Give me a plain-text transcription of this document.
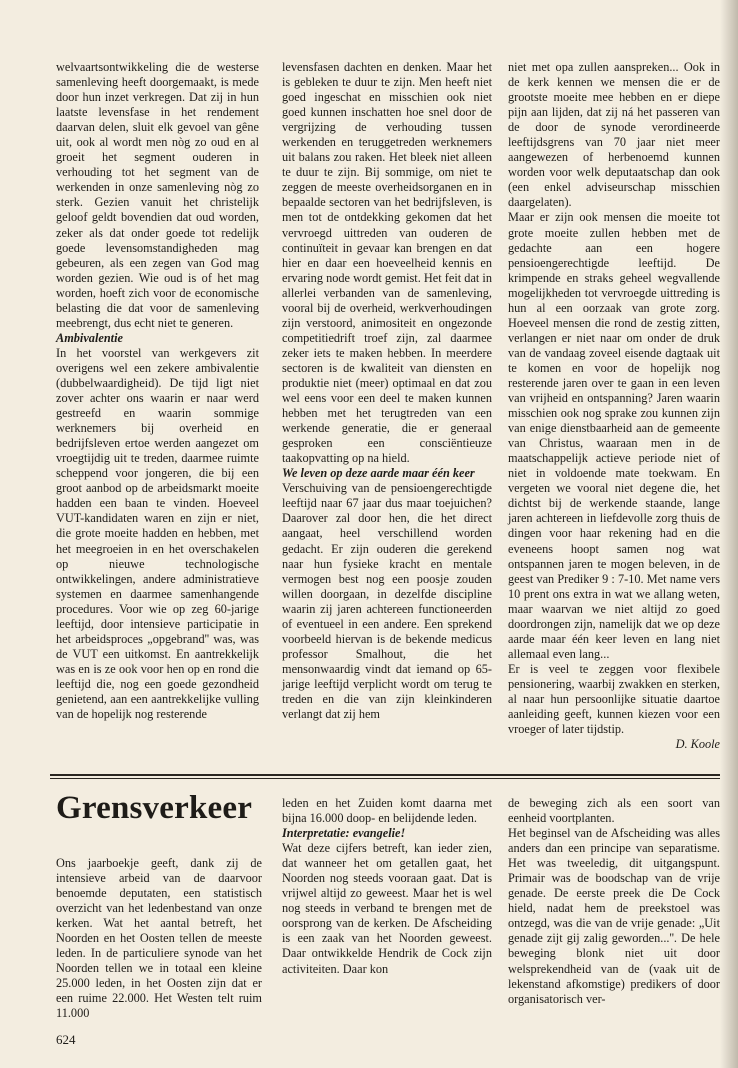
welvaartsontwikkeling die de westerse samenleving heeft doorgemaakt, is mede door hun inzet verkregen. Dat zij in hun laatste levensfase in het rendement daarvan delen, sluit elk gevoel van gêne uit, ook al wordt men nòg zo oud en al groeit het segment ouderen in verhouding tot het segment van de werkenden in onze samenleving nòg zo sterk. Gezien vanuit het christelijk geloof geldt bovendien dat oud worden, zeker als dat onder goede tot redelijk goede levensomstandigheden mag gebeuren, als een zegen van God mag worden gezien. Wie oud is of het mag worden, hoeft zich voor de economische belasting die dat voor de samenleving meebrengt, dus echt niet te generen.

Ambivalentie

In het voorstel van werkgevers zit overigens wel een zekere ambivalentie (dubbelwaardigheid). De tijd ligt niet zover achter ons waarin er naar werd gestreefd en waarin sommige werknemers bij overheid en bedrijfsleven ertoe werden aangezet om vroegtijdig uit te treden, daarmee ruimte scheppend voor jongeren, die bij een groot aanbod op de arbeidsmarkt moeite hadden een baan te vinden. Hoeveel VUT-kandidaten waren en zijn er niet, die grote moeite hadden en hebben, met het meegroeien in en het overschakelen op nieuwe technologische ontwikkelingen, andere administratieve systemen en daarmee samenhangende procedures. Voor wie op zeg 60-jarige leeftijd, door intensieve participatie in het arbeidsproces „opgebrand'' was, was de VUT een uitkomst. En aantrekkelijk was en is ze ook voor hen op en rond die leeftijd die, nog een goede gezondheid genietend, aan een aantrekkelijke vulling van de hopelijk nog resterende

levensfasen dachten en denken. Maar het is gebleken te duur te zijn. Men heeft niet goed ingeschat en misschien ook niet goed kunnen inschatten hoe snel door de vergrijzing de verhouding tussen werkenden en teruggetreden werknemers uit balans zou raken. Het bleek niet alleen te duur te zijn. Bij sommige, om niet te zeggen de meeste overheidsorganen en in bepaalde sectoren van het bedrijfsleven, is men tot de ontdekking gekomen dat het vervroegd uittreden van ouderen de continuïteit in gevaar kan brengen en dat hier en daar een hoeveelheid kennis en ervaring node wordt gemist. Het feit dat in allerlei verbanden van de samenleving, vooral bij de overheid, werkverhoudingen zijn verstoord, animositeit en ongezonde competitiedrift troef zijn, zal daarmee zeker iets te maken hebben. In meerdere sectoren is de kwaliteit van diensten en produktie niet (meer) optimaal en dat zou wel eens voor een deel te maken kunnen hebben met het terugtreden van een werkende generatie, die er generaal gesproken een consciëntieuze taakopvatting op na hield.

We leven op deze aarde maar één keer

Verschuiving van de pensioengerechtigde leeftijd naar 67 jaar dus maar toejuichen? Daarover zal door hen, die het direct aangaat, heel verschillend worden gedacht. Er zijn ouderen die gerekend naar hun fysieke kracht en mentale vermogen best nog een poosje zouden willen doorgaan, in dezelfde discipline waarin zij jaren achtereen functioneerden of eventueel in een andere. Een sprekend voorbeeld hiervan is de bekende medicus professor Smalhout, die het mensonwaardig vindt dat iemand op 65-jarige leeftijd verplicht wordt om terug te treden en die van zijn kleinkinderen verlangt dat zij hem

niet met opa zullen aanspreken... Ook in de kerk kennen we mensen die er de grootste moeite mee hebben en er diepe pijn aan lijden, dat zij ná het passeren van de door de synode verordineerde leeftijdsgrens van 70 jaar niet meer aangewezen of herbenoemd kunnen worden voor welk deputaatschap dan ook (een enkel adviseurschap misschien daargelaten).

Maar er zijn ook mensen die moeite tot grote moeite zullen hebben met de gedachte aan een hogere pensioengerechtigde leeftijd. De krimpende en straks geheel wegvallende mogelijkheden tot vervroegde uittreding is hun al een oorzaak van grote zorg. Hoeveel mensen die rond de zestig zitten, verlangen er niet naar om onder de druk van de vandaag zoveel eisende dagtaak uit te komen en voor de hopelijk nog resterende jaren over te gaan in een leven van vrijheid en ontspanning? Jaren waarin misschien ook nog sprake zou kunnen zijn van enige dienstbaarheid aan de gemeente van Christus, waaraan men in de maatschappelijk actieve periode niet of niet in voldoende mate toekwam. En vergeten we vooral niet degene die, het dichtst bij de werkende staande, lange jaren achtereen in liefdevolle zorg thuis de dingen voor haar rekening had en die eveneens hoopt samen nog wat ontspannen jaren te mogen beleven, in de geest van Prediker 9 : 7-10. Met name vers 10 prent ons extra in wat we allang weten, maar waarvan we niet altijd zo goed doordrongen zijn, namelijk dat we op deze aarde maar één keer leven en lang niet allemaal even lang...

Er is veel te zeggen voor flexibele pensionering, waarbij zwakken en sterken, al naar hun persoonlijke situatie daartoe aanleiding geeft, kunnen kiezen voor een vroeger of later tijdstip.

D. Koole

Grensverkeer

Ons jaarboekje geeft, dank zij de intensieve arbeid van de daarvoor benoemde deputaten, een statistisch overzicht van het ledenbestand van onze kerken. Wat het aantal betreft, het Noorden en het Oosten tellen de meeste leden. In de particuliere synode van het Noorden tellen we in totaal een kleine 25.000 leden, in het Oosten zijn dat er een ruime 22.000. Het Westen telt ruim 11.000

leden en het Zuiden komt daarna met bijna 16.000 doop- en belijdende leden.

Interpretatie: evangelie!

Wat deze cijfers betreft, kan ieder zien, dat wanneer het om getallen gaat, het Noorden nog steeds vooraan gaat. Dat is vrijwel altijd zo geweest. Maar het is wel nog steeds in verband te brengen met de oorsprong van de kerken. De Afscheiding is een zaak van het Noorden geweest. Daar ontwikkelde Hendrik de Cock zijn activiteiten. Daar kon

de beweging zich als een soort van eenheid voortplanten.

Het beginsel van de Afscheiding was alles anders dan een principe van separatisme. Het was tweeledig, dit uitgangspunt. Primair was de boodschap van de vrije genade. De eerste preek die De Cock hield, nadat hem de preekstoel was ontzegd, was die van de vrije genade: „Uit genade zijt gij zalig geworden...''. De hele beweging blonk niet uit door welsprekendheid van de (vaak uit de lekenstand afkomstige) predikers of door organisatorisch ver-

624
